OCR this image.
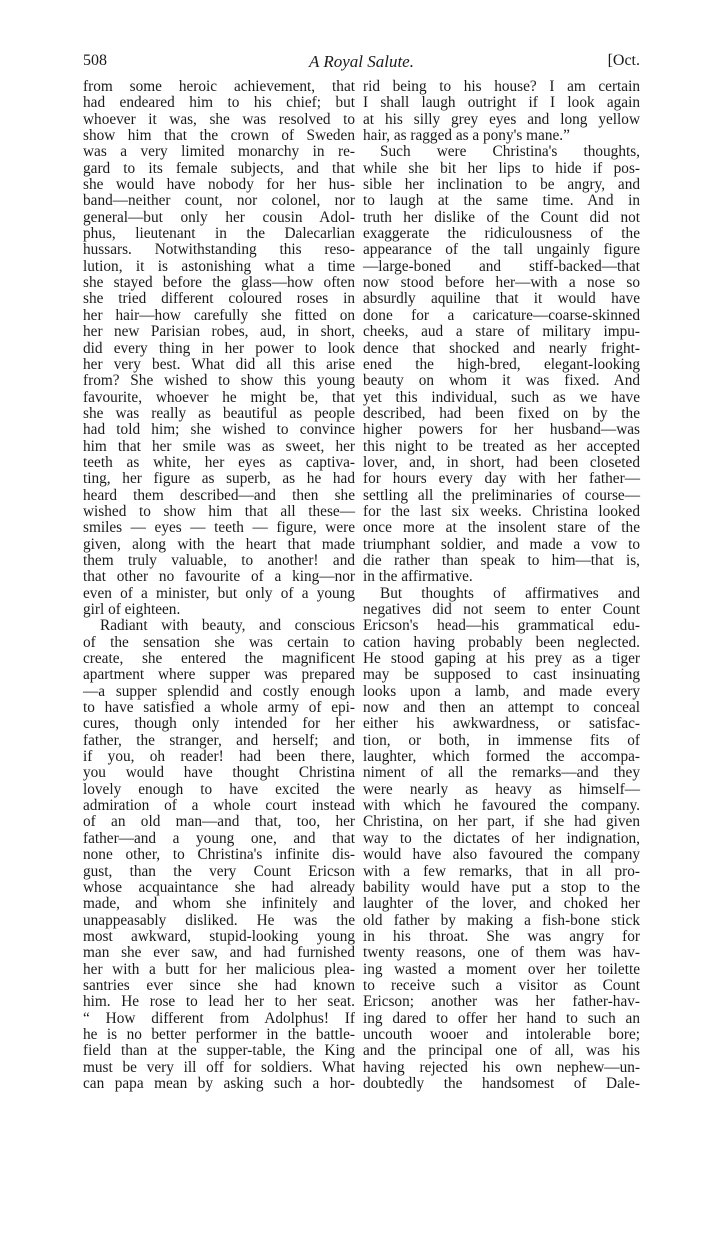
508	A Royal Salute.	[Oct.
from some heroic achievement, that
had endeared him to his chief; but
whoever it was, she was resolved to
show him that the crown of Sweden
was a very limited monarchy in re-
gard to its female subjects, and that
she would have nobody for her hus-
band—neither count, nor colonel, nor
general—but only her cousin Adol-
phus, lieutenant in the Dalecarlian
hussars. Notwithstanding this reso-
lution, it is astonishing what a time
she stayed before the glass—how often
she tried different coloured roses in
her hair—how carefully she fitted on
her new Parisian robes, aud, in short,
did every thing in her power to look
her very best. What did all this arise
from? She wished to show this young
favourite, whoever he might be, that
she was really as beautiful as people
had told him; she wished to convince
him that her smile was as sweet, her
teeth as white, her eyes as captiva-
ting, her figure as superb, as he had
heard them described—and then she
wished to show him that all these—
smiles — eyes — teeth — figure, were
given, along with the heart that made
them truly valuable, to another! and
that other no favourite of a king—nor
even of a minister, but only of a young
girl of eighteen.
Radiant with beauty, and conscious
of the sensation she was certain to
create, she entered the magnificent
apartment where supper was prepared
—a supper splendid and costly enough
to have satisfied a whole army of epi-
cures, though only intended for her
father, the stranger, and herself; and
if you, oh reader! had been there,
you would have thought Christina
lovely enough to have excited the
admiration of a whole court instead
of an old man—and that, too, her
father—and a young one, and that
none other, to Christina's infinite dis-
gust, than the very Count Ericson
whose acquaintance she had already
made, and whom she infinitely and
unappeasably disliked. He was the
most awkward, stupid-looking young
man she ever saw, and had furnished
her with a butt for her malicious plea-
santries ever since she had known
him. He rose to lead her to her seat.
“ How different from Adolphus! If
he is no better performer in the battle-
field than at the supper-table, the King
must be very ill off for soldiers. What
can papa mean by asking such a hor-
rid being to his house? I am certain
I shall laugh outright if I look again
at his silly grey eyes and long yellow
hair, as ragged as a pony's mane.”
Such were Christina's thoughts,
while she bit her lips to hide if pos-
sible her inclination to be angry, and
to laugh at the same time. And in
truth her dislike of the Count did not
exaggerate the ridiculousness of the
appearance of the tall ungainly figure
—large-boned and stiff-backed—that
now stood before her—with a nose so
absurdly aquiline that it would have
done for a caricature—coarse-skinned
cheeks, aud a stare of military impu-
dence that shocked and nearly fright-
ened the high-bred, elegant-looking
beauty on whom it was fixed. And
yet this individual, such as we have
described, had been fixed on by the
higher powers for her husband—was
this night to be treated as her accepted
lover, and, in short, had been closeted
for hours every day with her father—
settling all the preliminaries of course—
for the last six weeks. Christina looked
once more at the insolent stare of the
triumphant soldier, and made a vow to
die rather than speak to him—that is,
in the affirmative.
But thoughts of affirmatives and
negatives did not seem to enter Count
Ericson's head—his grammatical edu-
cation having probably been neglected.
He stood gaping at his prey as a tiger
may be supposed to cast insinuating
looks upon a lamb, and made every
now and then an attempt to conceal
either his awkwardness, or satisfac-
tion, or both, in immense fits of
laughter, which formed the accompa-
niment of all the remarks—and they
were nearly as heavy as himself—
with which he favoured the company.
Christina, on her part, if she had given
way to the dictates of her indignation,
would have also favoured the company
with a few remarks, that in all pro-
bability would have put a stop to the
laughter of the lover, and choked her
old father by making a fish-bone stick
in his throat. She was angry for
twenty reasons, one of them was hav-
ing wasted a moment over her toilette
to receive such a visitor as Count
Ericson; another was her father-hav-
ing dared to offer her hand to such an
uncouth wooer and intolerable bore;
and the principal one of all, was his
having rejected his own nephew—un-
doubtedly the handsomest of Dale-
